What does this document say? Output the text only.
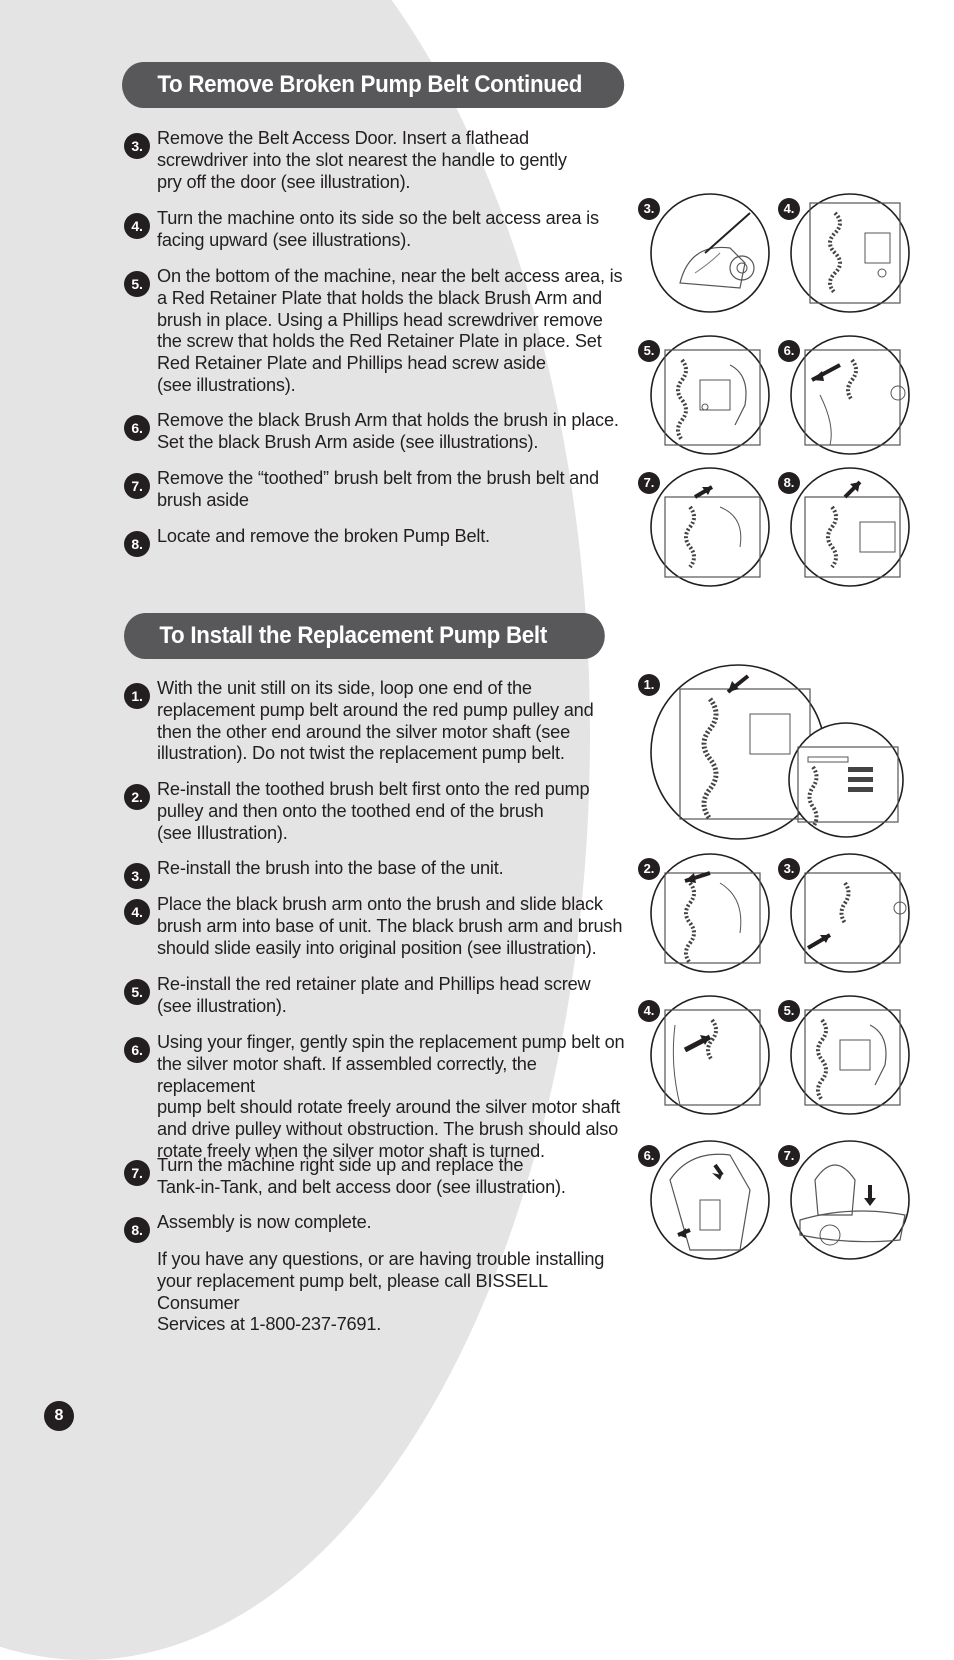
To Remove Broken Pump Belt Continued
3. Remove the Belt Access Door. Insert a flathead
screwdriver into the slot nearest the handle to gently
pry off the door (see illustration).
4. Turn the machine onto its side so the belt access area is
facing upward (see illustrations).
5. On the bottom of the machine, near the belt access area, is
a Red Retainer Plate that holds the black Brush Arm and
brush in place. Using a Phillips head screwdriver remove
the screw that holds the Red Retainer Plate in place. Set
Red Retainer Plate and Phillips head screw aside
(see illustrations).
6. Remove the black Brush Arm that holds the brush in place.
Set the black Brush Arm aside (see illustrations).
7. Remove the “toothed” brush belt from the brush belt and
brush aside
8. Locate and remove the broken Pump Belt.
3.	4.
5.	6.
7.	8.
To Install the Replacement Pump Belt
1. With the unit still on its side, loop one end of the
replacement pump belt around the red pump pulley and
then the other end around the silver motor shaft (see
illustration). Do not twist the replacement pump belt.
2. Re-install the toothed brush belt first onto the red pump
pulley and then onto the toothed end of the brush
(see Illustration).
3. Re-install the brush into the base of the unit.
4. Place the black brush arm onto the brush and slide black
brush arm into base of unit. The black brush arm and brush
should slide easily into original position (see illustration).
5. Re-install the red retainer plate and Phillips head screw
(see illustration).
6. Using your finger, gently spin the replacement pump belt on
the silver motor shaft. If assembled correctly, the replacement
pump belt should rotate freely around the silver motor shaft
and drive pulley without obstruction. The brush should also
rotate freely when the silver motor shaft is turned.
7. Turn the machine right side up and replace the
Tank-in-Tank, and belt access door (see illustration).
8. Assembly is now complete.
If you have any questions, or are having trouble installing
your replacement pump belt, please call BISSELL Consumer
Services at 1-800-237-7691.
1.
2.	3.
4.	5.
6.	7.
8
